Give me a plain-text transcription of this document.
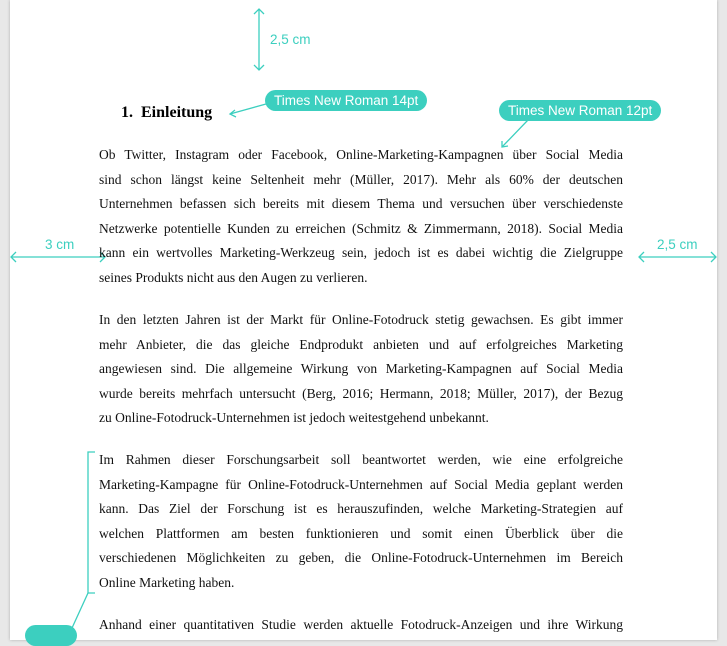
2,5 cm
3 cm	2,5 cm
Times New Roman 14pt
Times New Roman 12pt
1. Einleitung
Ob Twitter, Instagram oder Facebook, Online-Marketing-Kampagnen über Social Media
sind schon längst keine Seltenheit mehr (Müller, 2017). Mehr als 60% der deutschen
Unternehmen befassen sich bereits mit diesem Thema und versuchen über verschiedenste
Netzwerke potentielle Kunden zu erreichen (Schmitz & Zimmermann, 2018). Social Media
kann ein wertvolles Marketing-Werkzeug sein, jedoch ist es dabei wichtig die Zielgruppe
seines Produkts nicht aus den Augen zu verlieren.
In den letzten Jahren ist der Markt für Online-Fotodruck stetig gewachsen. Es gibt immer
mehr Anbieter, die das gleiche Endprodukt anbieten und auf erfolgreiches Marketing
angewiesen sind. Die allgemeine Wirkung von Marketing-Kampagnen auf Social Media
wurde bereits mehrfach untersucht (Berg, 2016; Hermann, 2018; Müller, 2017), der Bezug
zu Online-Fotodruck-Unternehmen ist jedoch weitestgehend unbekannt.
Im Rahmen dieser Forschungsarbeit soll beantwortet werden, wie eine erfolgreiche
Marketing-Kampagne für Online-Fotodruck-Unternehmen auf Social Media geplant werden
kann. Das Ziel der Forschung ist es herauszufinden, welche Marketing-Strategien auf
welchen Plattformen am besten funktionieren und somit einen Überblick über die
verschiedenen Möglichkeiten zu geben, die Online-Fotodruck-Unternehmen im Bereich
Online Marketing haben.
Anhand einer quantitativen Studie werden aktuelle Fotodruck-Anzeigen und ihre Wirkung
